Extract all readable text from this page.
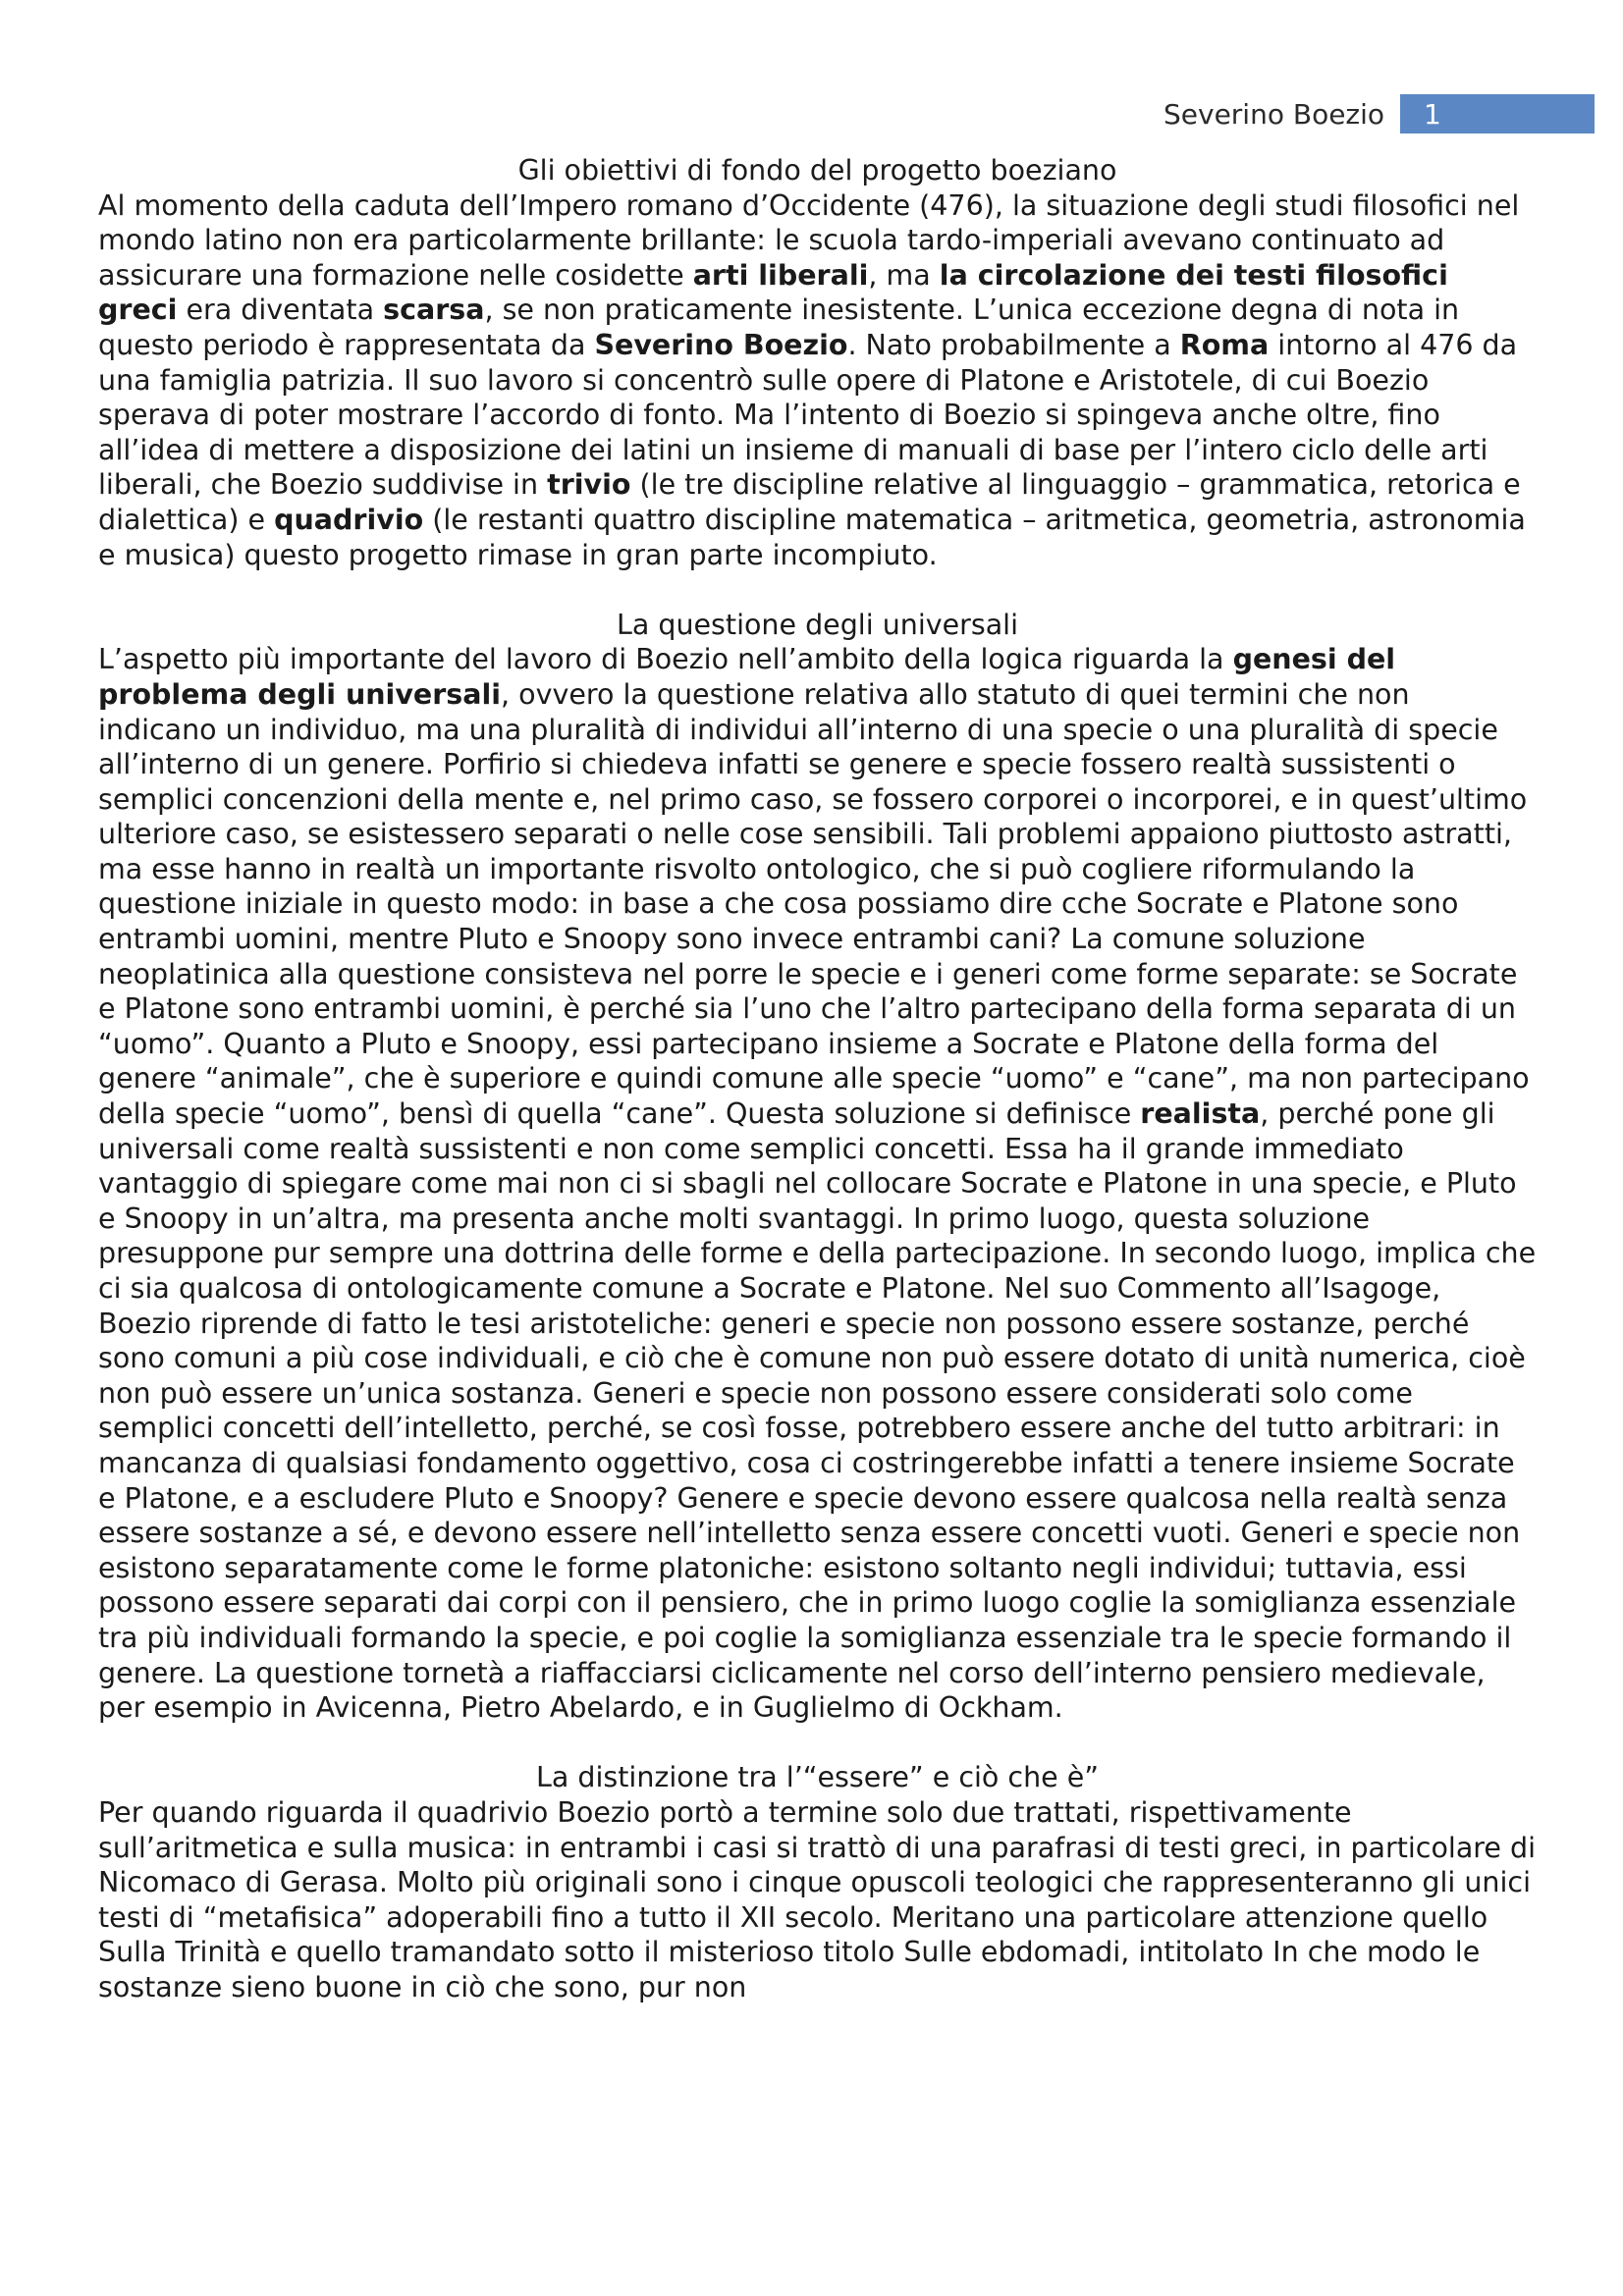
Severino Boezio 1
Gli obiettivi di fondo del progetto boeziano

Al momento della caduta dell’Impero romano d’Occidente (476), la situazione degli studi filosofici nel mondo latino non era particolarmente brillante: le scuola tardo-imperiali avevano continuato ad assicurare una formazione nelle cosidette arti liberali, ma la circolazione dei testi filosofici greci era diventata scarsa, se non praticamente inesistente. L’unica eccezione degna di nota in questo periodo è rappresentata da Severino Boezio. Nato probabilmente a Roma intorno al 476 da una famiglia patrizia. Il suo lavoro si concentrò sulle opere di Platone e Aristotele, di cui Boezio sperava di poter mostrare l’accordo di fonto. Ma l’intento di Boezio si spingeva anche oltre, fino all’idea di mettere a disposizione dei latini un insieme di manuali di base per l’intero ciclo delle arti liberali, che Boezio suddivise in trivio (le tre discipline relative al linguaggio – grammatica, retorica e dialettica) e quadrivio (le restanti quattro discipline matematica – aritmetica, geometria, astronomia e musica) questo progetto rimase in gran parte incompiuto.

La questione degli universali

L’aspetto più importante del lavoro di Boezio nell’ambito della logica riguarda la genesi del problema degli universali, ovvero la questione relativa allo statuto di quei termini che non indicano un individuo, ma una pluralità di individui all’interno di una specie o una pluralità di specie all’interno di un genere. Porfirio si chiedeva infatti se genere e specie fossero realtà sussistenti o semplici concenzioni della mente e, nel primo caso, se fossero corporei o incorporei, e in quest’ultimo ulteriore caso, se esistessero separati o nelle cose sensibili. Tali problemi appaiono piuttosto astratti, ma esse hanno in realtà un importante risvolto ontologico, che si può cogliere riformulando la questione iniziale in questo modo: in base a che cosa possiamo dire cche Socrate e Platone sono entrambi uomini, mentre Pluto e Snoopy sono invece entrambi cani? La comune soluzione neoplatinica alla questione consisteva nel porre le specie e i generi come forme separate: se Socrate e Platone sono entrambi uomini, è perché sia l’uno che l’altro partecipano della forma separata di un “uomo”. Quanto a Pluto e Snoopy, essi partecipano insieme a Socrate e Platone della forma del genere “animale”, che è superiore e quindi comune alle specie “uomo” e “cane”, ma non partecipano della specie “uomo”, bensì di quella “cane”. Questa soluzione si definisce realista, perché pone gli universali come realtà sussistenti e non come semplici concetti. Essa ha il grande immediato vantaggio di spiegare come mai non ci si sbagli nel collocare Socrate e Platone in una specie, e Pluto e Snoopy in un’altra, ma presenta anche molti svantaggi. In primo luogo, questa soluzione presuppone pur sempre una dottrina delle forme e della partecipazione. In secondo luogo, implica che ci sia qualcosa di ontologicamente comune a Socrate e Platone. Nel suo Commento all’Isagoge, Boezio riprende di fatto le tesi aristoteliche: generi e specie non possono essere sostanze, perché sono comuni a più cose individuali, e ciò che è comune non può essere dotato di unità numerica, cioè non può essere un’unica sostanza. Generi e specie non possono essere considerati solo come semplici concetti dell’intelletto, perché, se così fosse, potrebbero essere anche del tutto arbitrari: in mancanza di qualsiasi fondamento oggettivo, cosa ci costringerebbe infatti a tenere insieme Socrate e Platone, e a escludere Pluto e Snoopy? Genere e specie devono essere qualcosa nella realtà senza essere sostanze a sé, e devono essere nell’intelletto senza essere concetti vuoti. Generi e specie non esistono separatamente come le forme platoniche: esistono soltanto negli individui; tuttavia, essi possono essere separati dai corpi con il pensiero, che in primo luogo coglie la somiglianza essenziale tra più individuali formando la specie, e poi coglie la somiglianza essenziale tra le specie formando il genere. La questione tornetà a riaffacciarsi ciclicamente nel corso dell’interno pensiero medievale, per esempio in Avicenna, Pietro Abelardo, e in Guglielmo di Ockham.

La distinzione tra l’“essere” e ciò che è”

Per quando riguarda il quadrivio Boezio portò a termine solo due trattati, rispettivamente sull’aritmetica e sulla musica: in entrambi i casi si trattò di una parafrasi di testi greci, in particolare di Nicomaco di Gerasa. Molto più originali sono i cinque opuscoli teologici che rappresenteranno gli unici testi di “metafisica” adoperabili fino a tutto il XII secolo. Meritano una particolare attenzione quello Sulla Trinità e quello tramandato sotto il misterioso titolo Sulle ebdomadi, intitolato In che modo le sostanze sieno buone in ciò che sono, pur non
